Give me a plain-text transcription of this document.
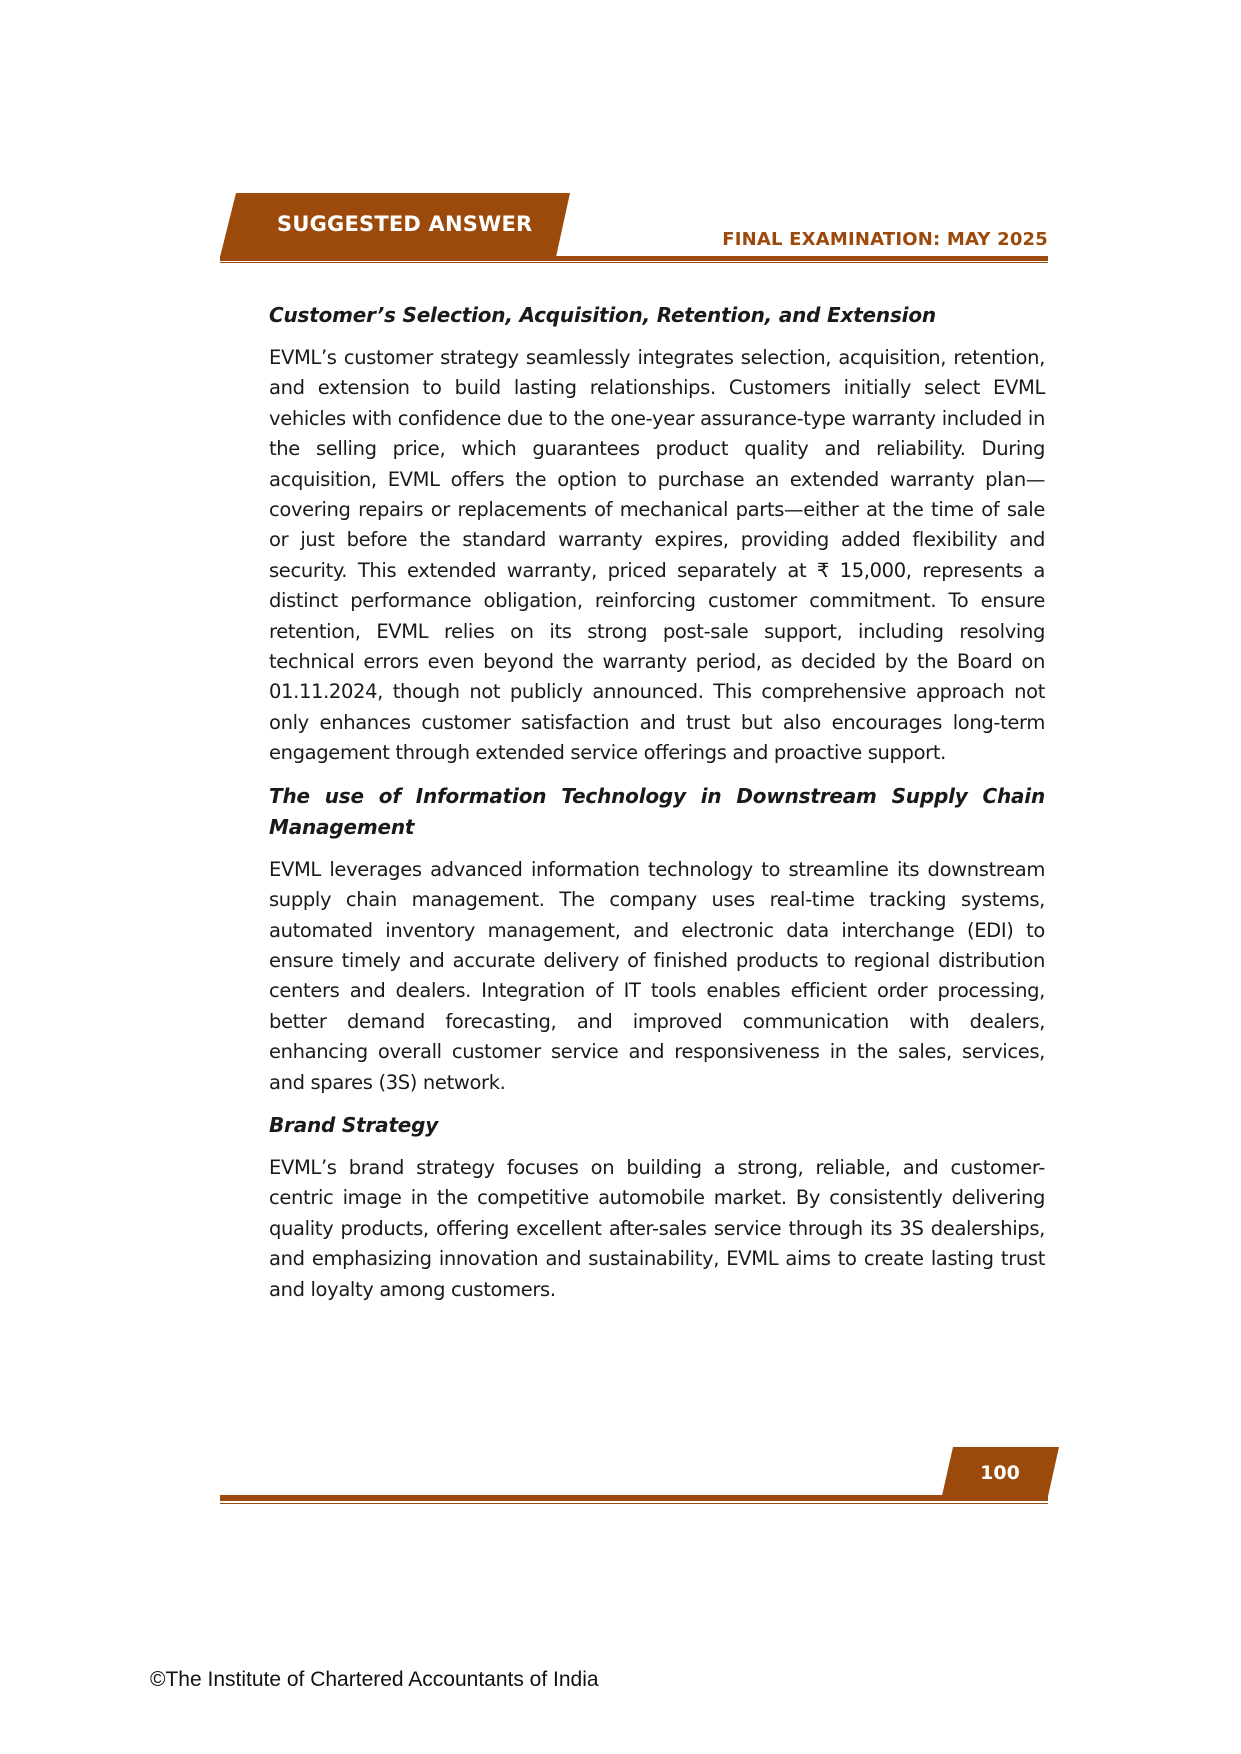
SUGGESTED ANSWER
FINAL EXAMINATION: MAY 2025

Customer’s Selection, Acquisition, Retention, and Extension

EVML’s customer strategy seamlessly integrates selection, acquisition, retention, and extension to build lasting relationships. Customers initially select EVML vehicles with confidence due to the one-year assurance-type warranty included in the selling price, which guarantees product quality and reliability. During acquisition, EVML offers the option to purchase an extended warranty plan—covering repairs or replacements of mechanical parts—either at the time of sale or just before the standard warranty expires, providing added flexibility and security. This extended warranty, priced separately at ₹ 15,000, represents a distinct performance obligation, reinforcing customer commitment. To ensure retention, EVML relies on its strong post-sale support, including resolving technical errors even beyond the warranty period, as decided by the Board on 01.11.2024, though not publicly announced. This comprehensive approach not only enhances customer satisfaction and trust but also encourages long-term engagement through extended service offerings and proactive support.

The use of Information Technology in Downstream Supply Chain Management

EVML leverages advanced information technology to streamline its downstream supply chain management. The company uses real-time tracking systems, automated inventory management, and electronic data interchange (EDI) to ensure timely and accurate delivery of finished products to regional distribution centers and dealers. Integration of IT tools enables efficient order processing, better demand forecasting, and improved communication with dealers, enhancing overall customer service and responsiveness in the sales, services, and spares (3S) network.

Brand Strategy

EVML’s brand strategy focuses on building a strong, reliable, and customer-centric image in the competitive automobile market. By consistently delivering quality products, offering excellent after-sales service through its 3S dealerships, and emphasizing innovation and sustainability, EVML aims to create lasting trust and loyalty among customers.

100
©The Institute of Chartered Accountants of India
